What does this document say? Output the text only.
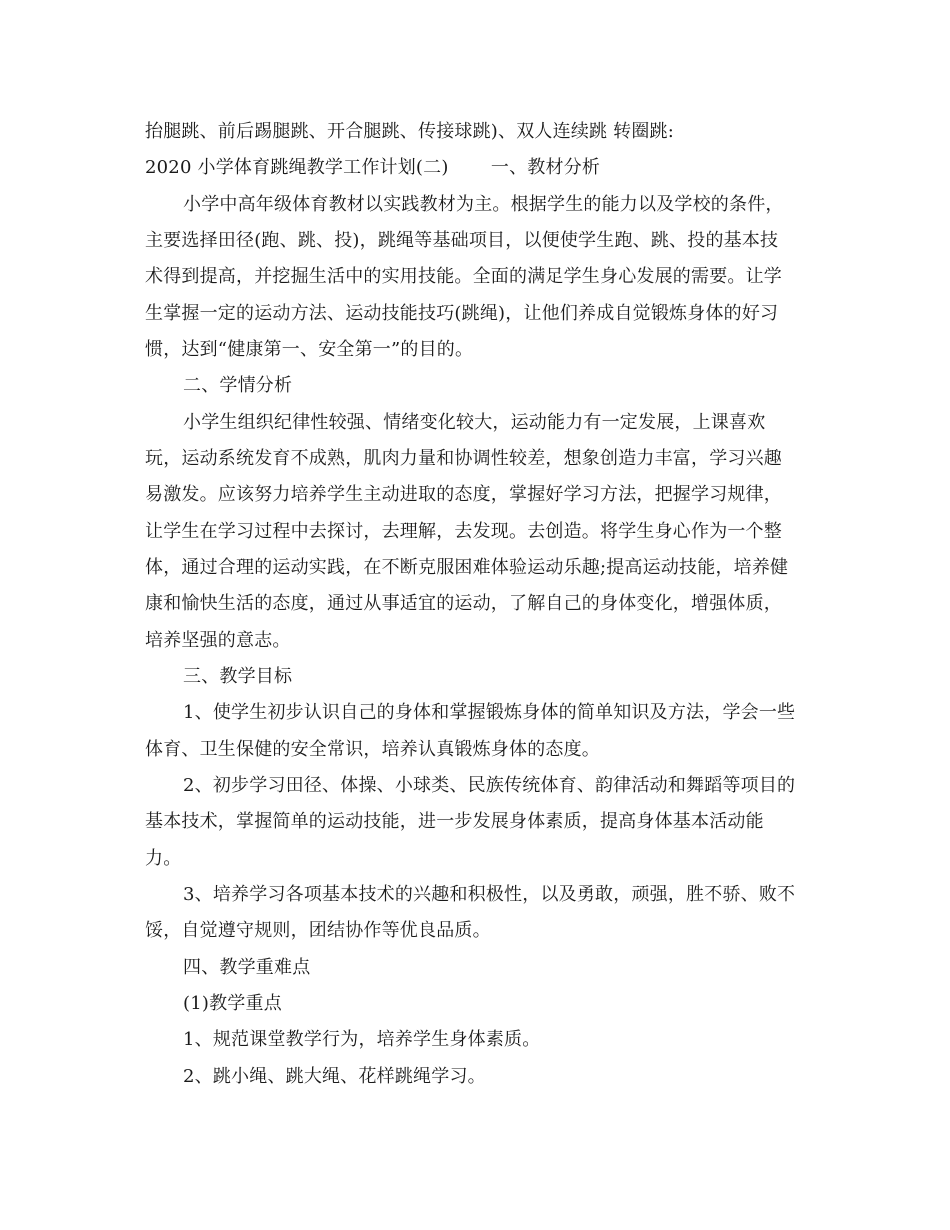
抬腿跳、前后踢腿跳、开合腿跳、传接球跳)、双人连续跳 转圈跳:
2020 小学体育跳绳教学工作计划(二)　　 一、教材分析
小学中高年级体育教材以实践教材为主。根据学生的能力以及学校的条件，
主要选择田径(跑、跳、投)，跳绳等基础项目，以便使学生跑、跳、投的基本技
术得到提高，并挖掘生活中的实用技能。全面的满足学生身心发展的需要。让学
生掌握一定的运动方法、运动技能技巧(跳绳)，让他们养成自觉锻炼身体的好习
惯，达到“健康第一、安全第一”的目的。
二、学情分析
小学生组织纪律性较强、情绪变化较大，运动能力有一定发展，上课喜欢
玩，运动系统发育不成熟，肌肉力量和协调性较差，想象创造力丰富，学习兴趣
易激发。应该努力培养学生主动进取的态度，掌握好学习方法，把握学习规律，
让学生在学习过程中去探讨，去理解，去发现。去创造。将学生身心作为一个整
体，通过合理的运动实践，在不断克服困难体验运动乐趣;提高运动技能，培养健
康和愉快生活的态度，通过从事适宜的运动，了解自己的身体变化，增强体质，
培养坚强的意志。
三、教学目标
1、使学生初步认识自己的身体和掌握锻炼身体的简单知识及方法，学会一些
体育、卫生保健的安全常识，培养认真锻炼身体的态度。
2、初步学习田径、体操、小球类、民族传统体育、韵律活动和舞蹈等项目的
基本技术，掌握简单的运动技能，进一步发展身体素质，提高身体基本活动能
力。
3、培养学习各项基本技术的兴趣和积极性，以及勇敢，顽强，胜不骄、败不
馁，自觉遵守规则，团结协作等优良品质。
四、教学重难点
(1)教学重点
1、规范课堂教学行为，培养学生身体素质。
2、跳小绳、跳大绳、花样跳绳学习。
